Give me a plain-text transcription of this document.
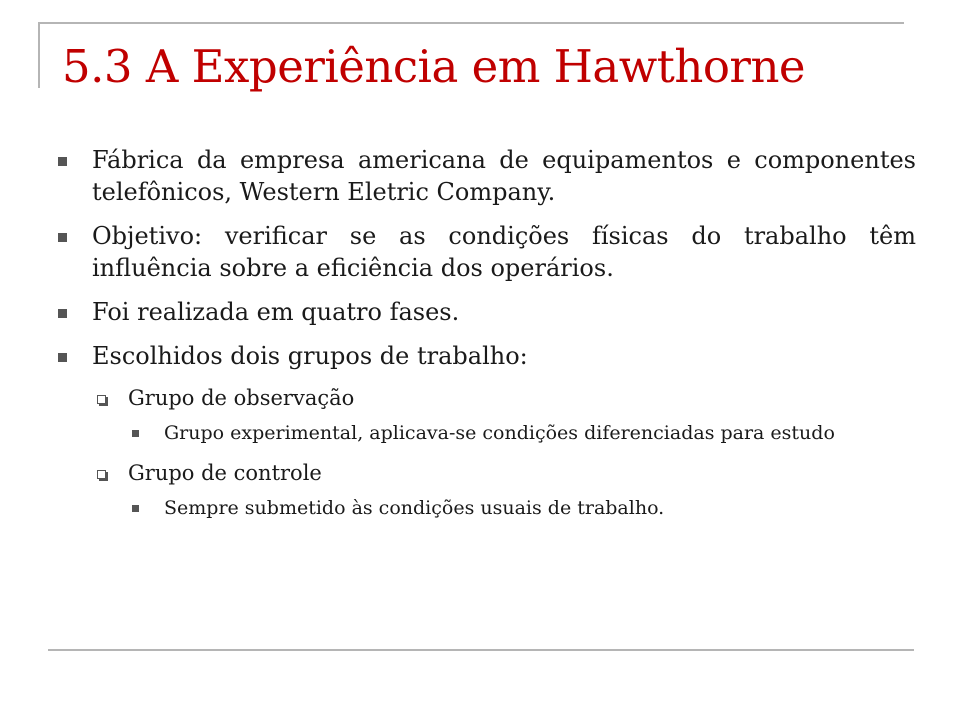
5.3 A Experiência em Hawthorne
Fábrica da empresa americana de equipamentos e componentes telefônicos, Western Eletric Company.
Objetivo: verificar se as condições físicas do trabalho têm influência sobre a eficiência dos operários.
Foi realizada em quatro fases.
Escolhidos dois grupos de trabalho:
Grupo de observação
Grupo experimental, aplicava-se condições diferenciadas para estudo
Grupo de controle
Sempre submetido às condições usuais de trabalho.
